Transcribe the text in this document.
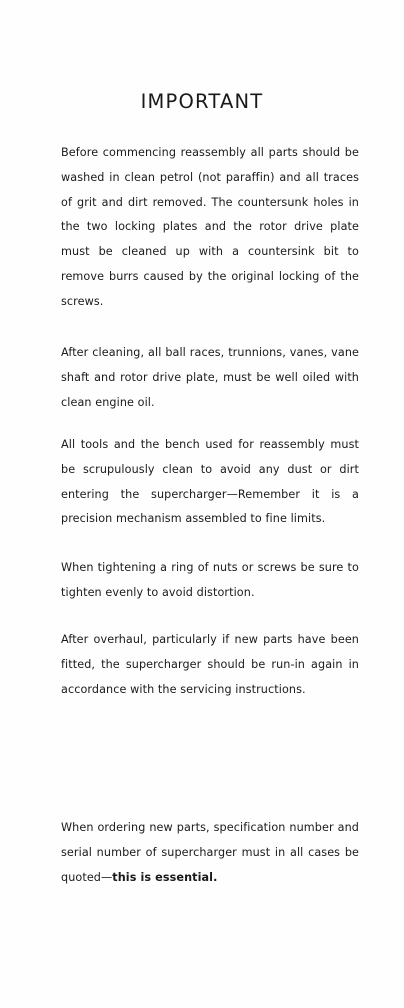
IMPORTANT

Before commencing reassembly all parts should be washed in clean petrol (not paraffin) and all traces of grit and dirt removed. The countersunk holes in the two locking plates and the rotor drive plate must be cleaned up with a countersink bit to remove burrs caused by the original locking of the screws.

After cleaning, all ball races, trunnions, vanes, vane shaft and rotor drive plate, must be well oiled with clean engine oil.

All tools and the bench used for reassembly must be scrupulously clean to avoid any dust or dirt entering the supercharger—Remember it is a precision mechanism assembled to fine limits.

When tightening a ring of nuts or screws be sure to tighten evenly to avoid distortion.

After overhaul, particularly if new parts have been fitted, the supercharger should be run-in again in accordance with the servicing instructions.

When ordering new parts, specification number and serial number of supercharger must in all cases be quoted—this is essential.
